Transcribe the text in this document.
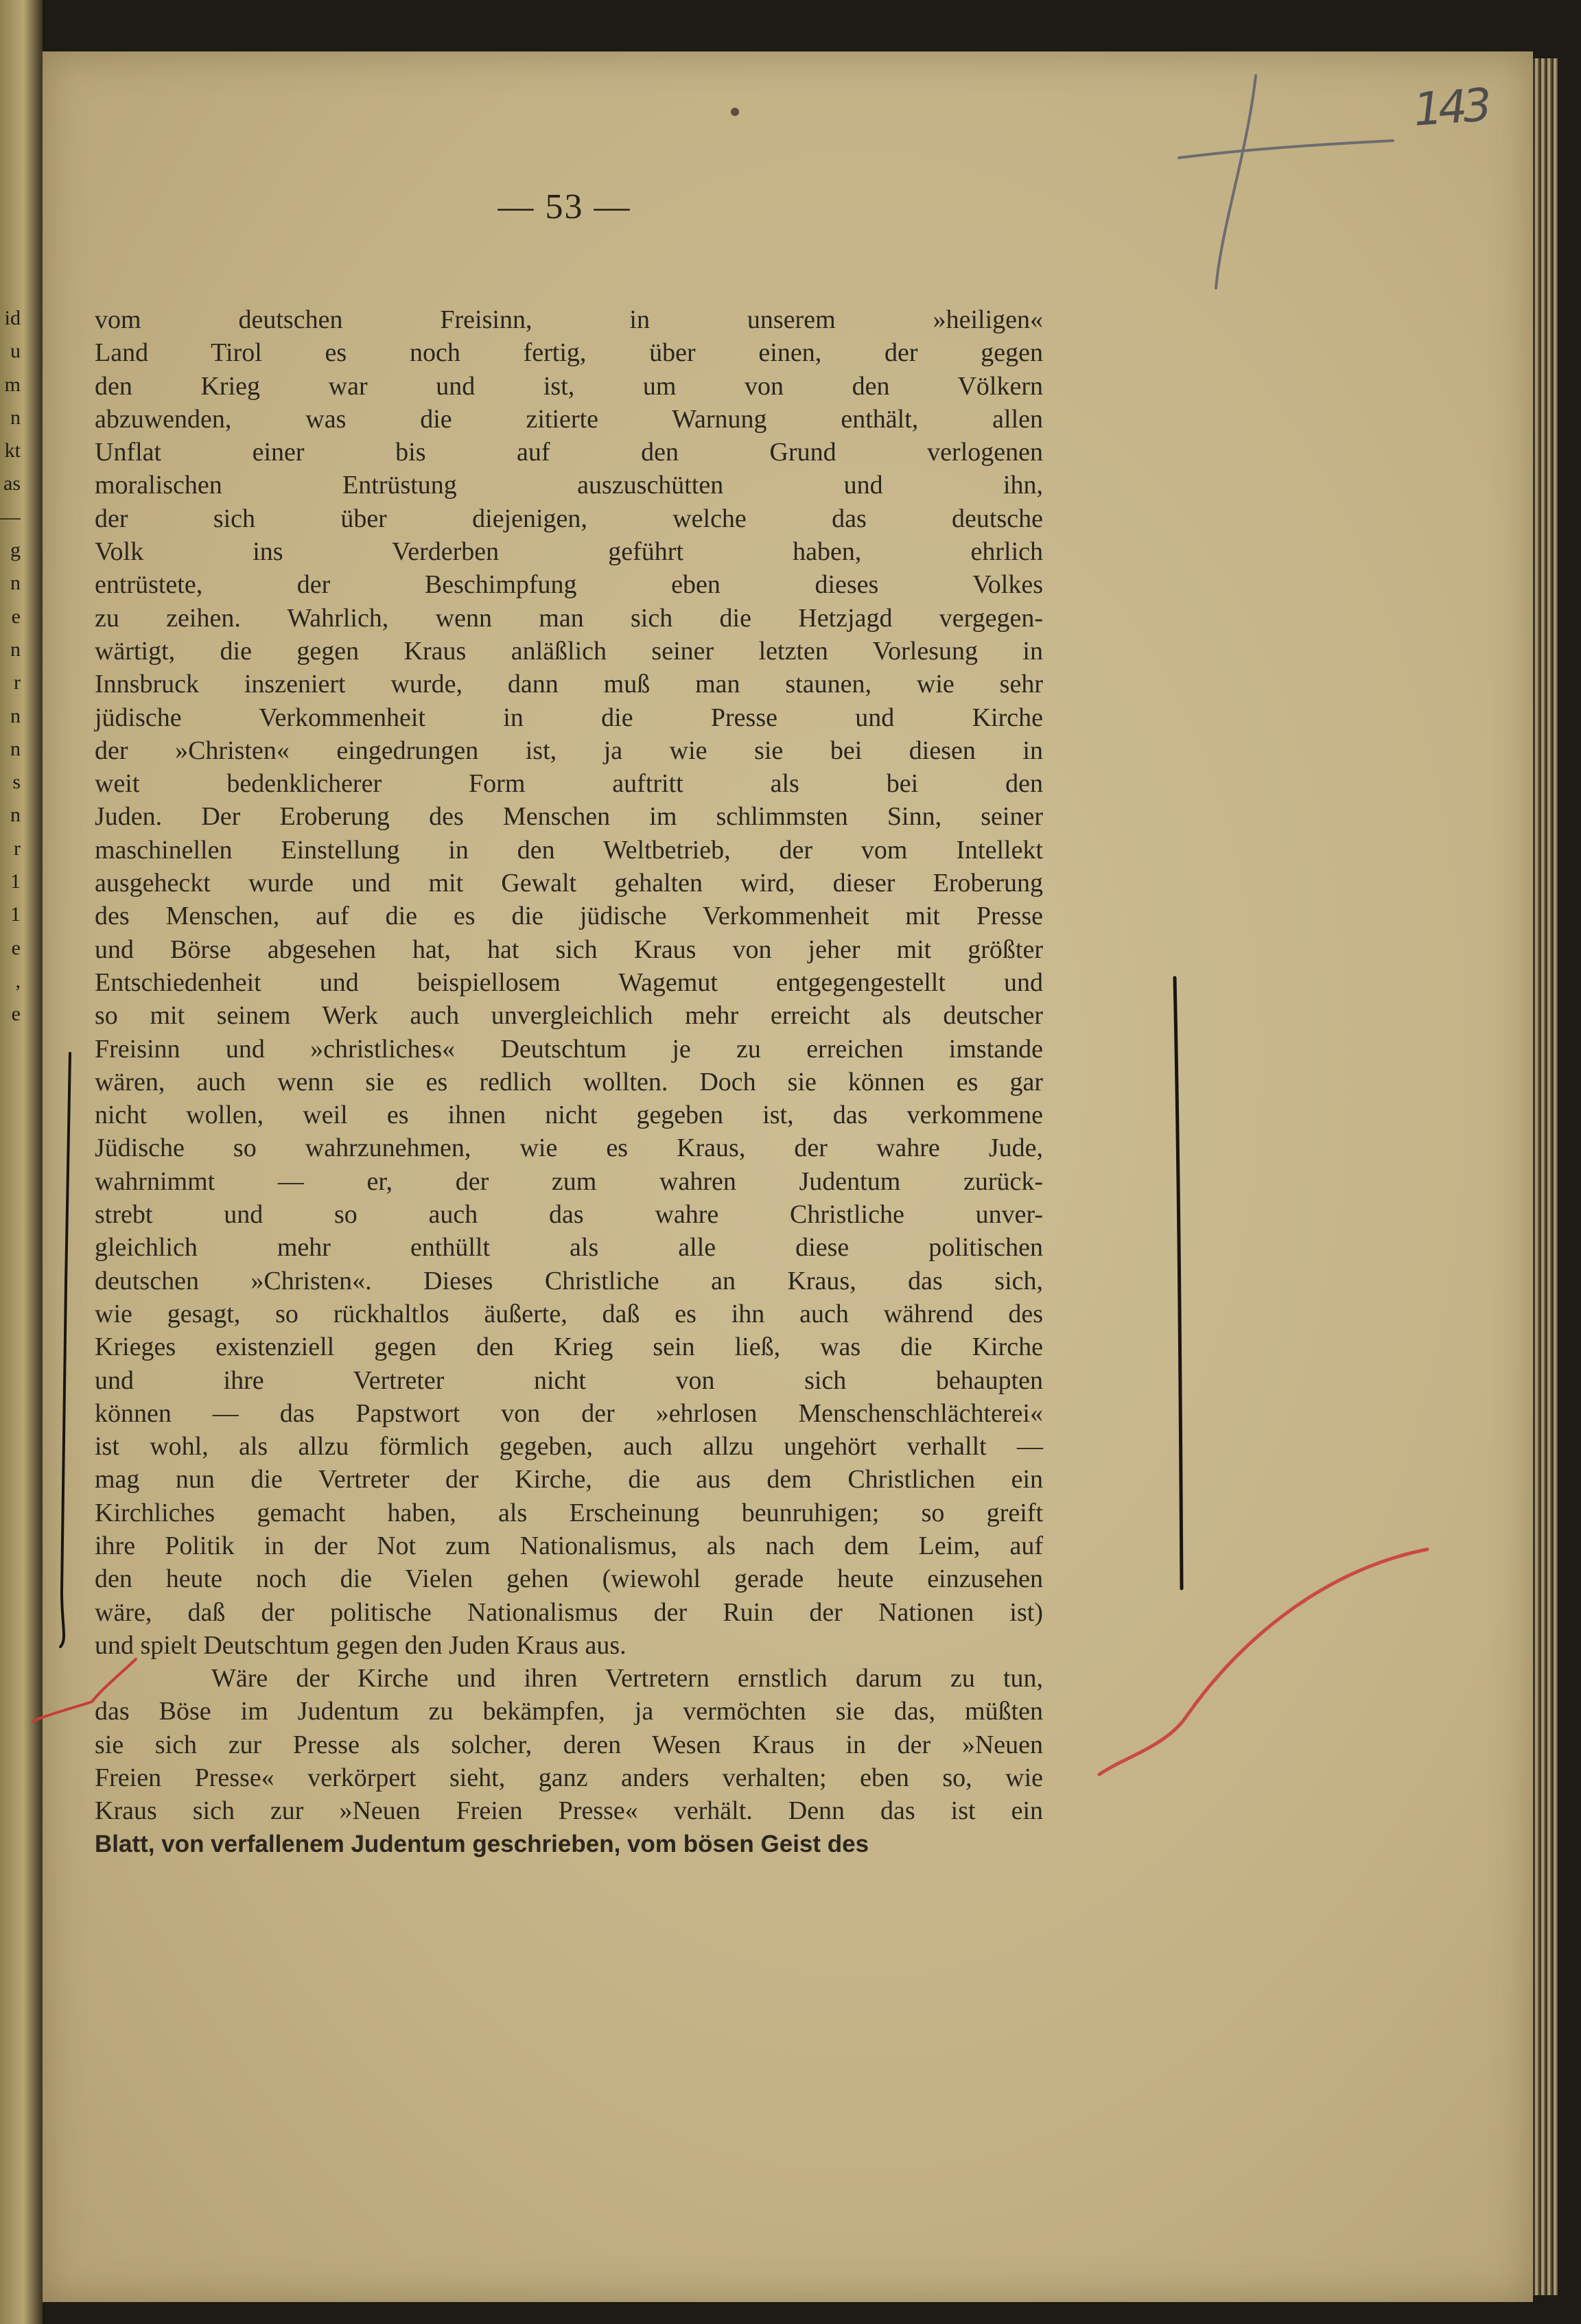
id
u
m
n
kt
as
—
g
n
e
n
r
n
n
s
n
r
1
1
e
,
e
— 53 —
143
vom deutschen Freisinn, in unserem »heiligen«
Land Tirol es noch fertig, über einen, der gegen
den Krieg war und ist, um von den Völkern
abzuwenden, was die zitierte Warnung enthält, allen
Unflat einer bis auf den Grund verlogenen
moralischen Entrüstung auszuschütten und ihn,
der sich über diejenigen, welche das deutsche
Volk ins Verderben geführt haben, ehrlich
entrüstete, der Beschimpfung eben dieses Volkes
zu zeihen. Wahrlich, wenn man sich die Hetzjagd vergegen-
wärtigt, die gegen Kraus anläßlich seiner letzten Vorlesung in
Innsbruck inszeniert wurde, dann muß man staunen, wie sehr
jüdische Verkommenheit in die Presse und Kirche
der »Christen« eingedrungen ist, ja wie sie bei diesen in
weit bedenklicherer Form auftritt als bei den
Juden. Der Eroberung des Menschen im schlimmsten Sinn, seiner
maschinellen Einstellung in den Weltbetrieb, der vom Intellekt
ausgeheckt wurde und mit Gewalt gehalten wird, dieser Eroberung
des Menschen, auf die es die jüdische Verkommenheit mit Presse
und Börse abgesehen hat, hat sich Kraus von jeher mit größter
Entschiedenheit und beispiellosem Wagemut entgegengestellt und
so mit seinem Werk auch unvergleichlich mehr erreicht als deutscher
Freisinn und »christliches« Deutschtum je zu erreichen imstande
wären, auch wenn sie es redlich wollten. Doch sie können es gar
nicht wollen, weil es ihnen nicht gegeben ist, das verkommene
Jüdische so wahrzunehmen, wie es Kraus, der wahre Jude,
wahrnimmt — er, der zum wahren Judentum zurück-
strebt und so auch das wahre Christliche unver-
gleichlich mehr enthüllt als alle diese politischen
deutschen »Christen«. Dieses Christliche an Kraus, das sich,
wie gesagt, so rückhaltlos äußerte, daß es ihn auch während des
Krieges existenziell gegen den Krieg sein ließ, was die Kirche
und ihre Vertreter nicht von sich behaupten
können — das Papstwort von der »ehrlosen Menschenschlächterei«
ist wohl, als allzu förmlich gegeben, auch allzu ungehört verhallt —
mag nun die Vertreter der Kirche, die aus dem Christlichen ein
Kirchliches gemacht haben, als Erscheinung beunruhigen; so greift
ihre Politik in der Not zum Nationalismus, als nach dem Leim, auf
den heute noch die Vielen gehen (wiewohl gerade heute einzusehen
wäre, daß der politische Nationalismus der Ruin der Nationen ist)
und spielt Deutschtum gegen den Juden Kraus aus.
Wäre der Kirche und ihren Vertretern ernstlich darum zu tun,
das Böse im Judentum zu bekämpfen, ja vermöchten sie das, müßten
sie sich zur Presse als solcher, deren Wesen Kraus in der »Neuen
Freien Presse« verkörpert sieht, ganz anders verhalten; eben so, wie
Kraus sich zur »Neuen Freien Presse« verhält. Denn das ist ein
Blatt, von verfallenem Judentum geschrieben, vom bösen Geist des
